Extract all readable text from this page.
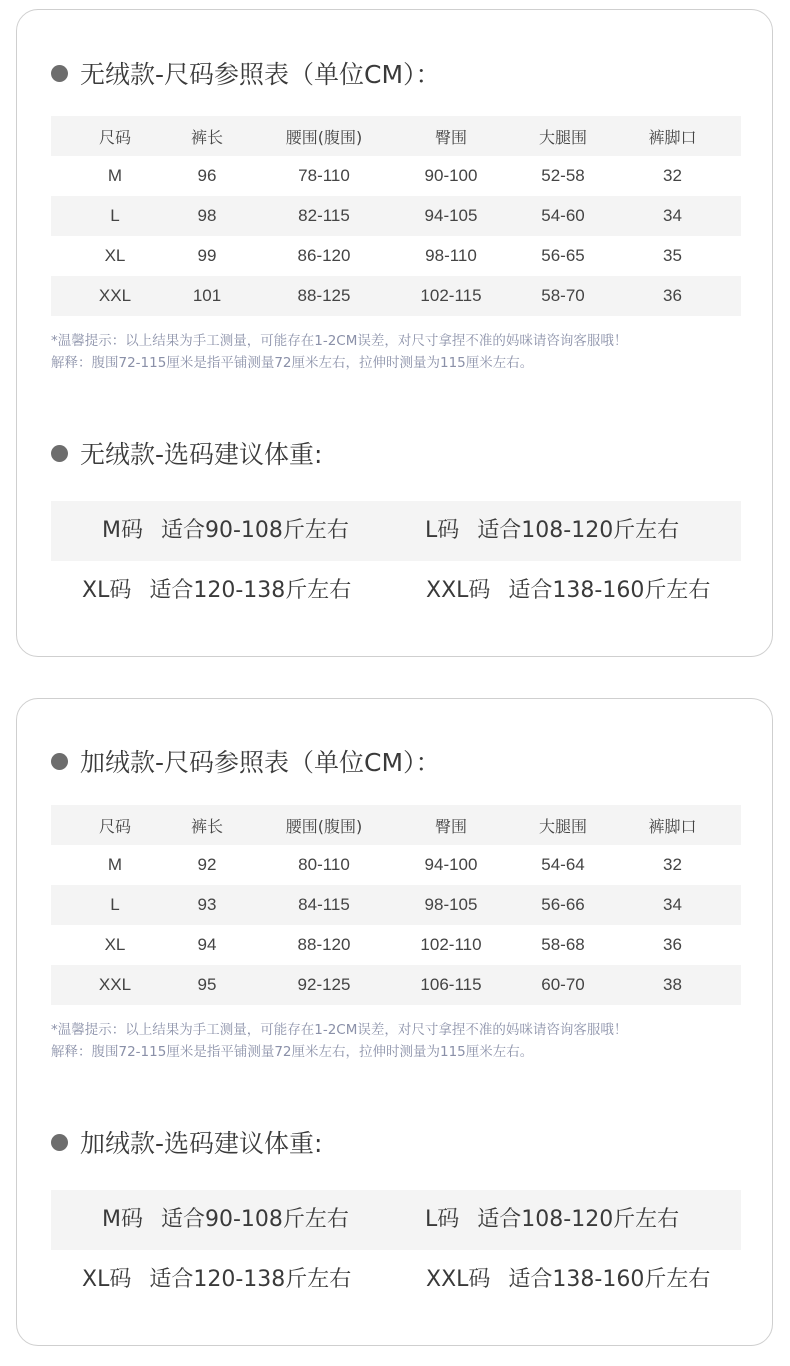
无绒款-尺码参照表（单位CM）：
尺码	裤长	腰围(腹围)	臀围	大腿围	裤脚口
M	96	78-110	90-100	52-58	32
L	98	82-115	94-105	54-60	34
XL	99	86-120	98-110	56-65	35
XXL	101	88-125	102-115	58-70	36
*温馨提示：以上结果为手工测量，可能存在1-2CM误差，对尺寸拿捏不准的妈咪请咨询客服哦！
解释：腹围72-115厘米是指平铺测量72厘米左右，拉伸时测量为115厘米左右。
无绒款-选码建议体重:
M码 适合90-108斤左右	L码 适合108-120斤左右
XL码 适合120-138斤左右	XXL码 适合138-160斤左右
加绒款-尺码参照表（单位CM）：
尺码	裤长	腰围(腹围)	臀围	大腿围	裤脚口
M	92	80-110	94-100	54-64	32
L	93	84-115	98-105	56-66	34
XL	94	88-120	102-110	58-68	36
XXL	95	92-125	106-115	60-70	38
*温馨提示：以上结果为手工测量，可能存在1-2CM误差，对尺寸拿捏不准的妈咪请咨询客服哦！
解释：腹围72-115厘米是指平铺测量72厘米左右，拉伸时测量为115厘米左右。
加绒款-选码建议体重:
M码 适合90-108斤左右	L码 适合108-120斤左右
XL码 适合120-138斤左右	XXL码 适合138-160斤左右
